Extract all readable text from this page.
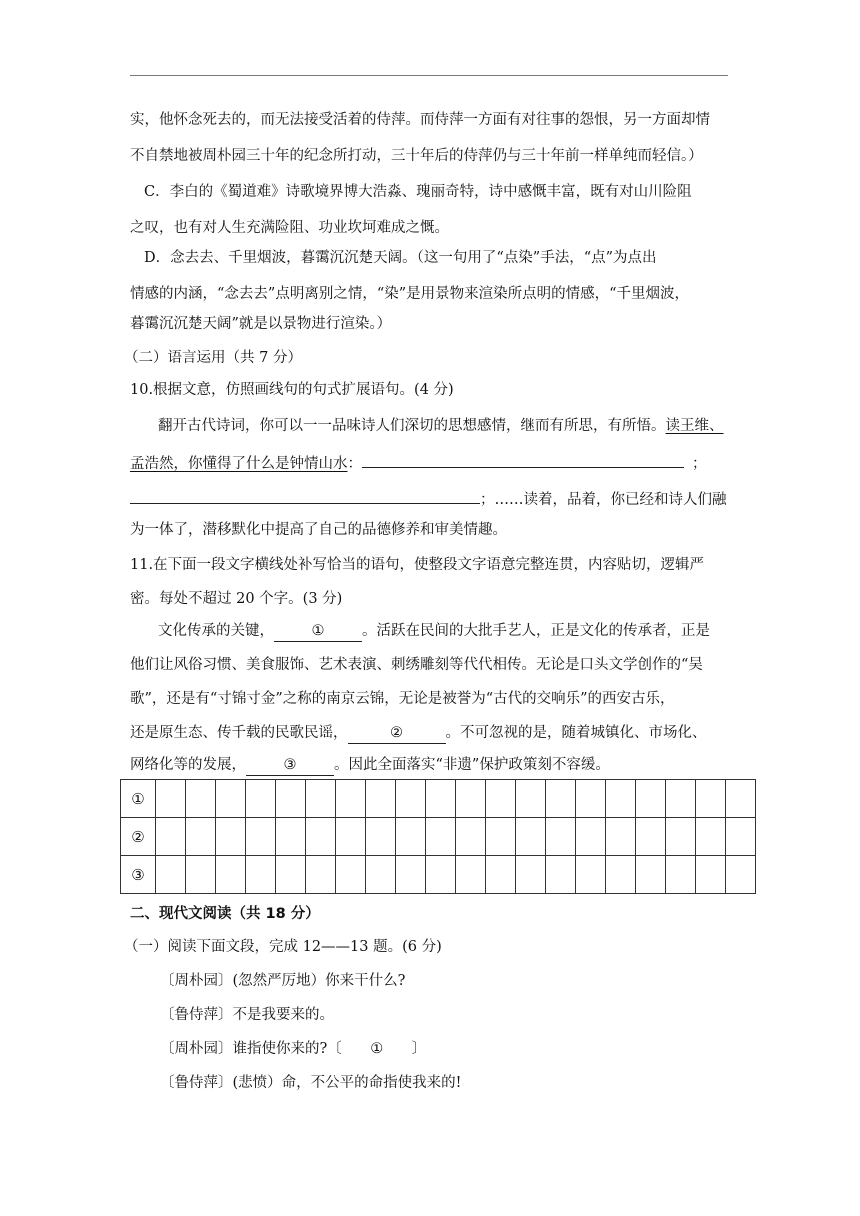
实，他怀念死去的，而无法接受活着的侍萍。而侍萍一方面有对往事的怨恨，另一方面却情
不自禁地被周朴园三十年的纪念所打动，三十年后的侍萍仍与三十年前一样单纯而轻信。）
C．李白的《蜀道难》诗歌境界博大浩淼、瑰丽奇特，诗中感慨丰富，既有对山川险阻
之叹，也有对人生充满险阻、功业坎坷难成之慨。
D．念去去、千里烟波，暮霭沉沉楚天阔。（这一句用了“点染”手法，“点”为点出
情感的内涵，“念去去”点明离别之情，“染”是用景物来渲染所点明的情感，“千里烟波，
暮霭沉沉楚天阔”就是以景物进行渲染。）
（二）语言运用（共 7 分）
10.根据文意，仿照画线句的句式扩展语句。(4 分)
翻开古代诗词，你可以一一品味诗人们深切的思想感情，继而有所思，有所悟。读王维、
孟浩然，你懂得了什么是钟情山水：	；
；……读着，品着，你已经和诗人们融
为一体了，潜移默化中提高了自己的品德修养和审美情趣。
11.在下面一段文字横线处补写恰当的语句，使整段文字语意完整连贯，内容贴切，逻辑严
密。每处不超过 20 个字。(3 分)
文化传承的关键，	①	。活跃在民间的大批手艺人，正是文化的传承者，正是
他们让风俗习惯、美食服饰、艺术表演、刺绣雕刻等代代相传。无论是口头文学创作的“吴
歌”，还是有“寸锦寸金”之称的南京云锦，无论是被誉为“古代的交响乐”的西安古乐，
还是原生态、传千载的民歌民谣，	②	。不可忽视的是，随着城镇化、市场化、
网络化等的发展，	③	。因此全面落实“非遗”保护政策刻不容缓。
①																				
②																				
③																				
二、现代文阅读（共 18 分）
（一）阅读下面文段，完成 12——13 题。(6 分)
〔周朴园〕(忽然严厉地）你来干什么?
〔鲁侍萍〕不是我要来的。
〔周朴园〕谁指使你来的?〔 ① 〕
〔鲁侍萍〕(悲愤）命，不公平的命指使我来的!
